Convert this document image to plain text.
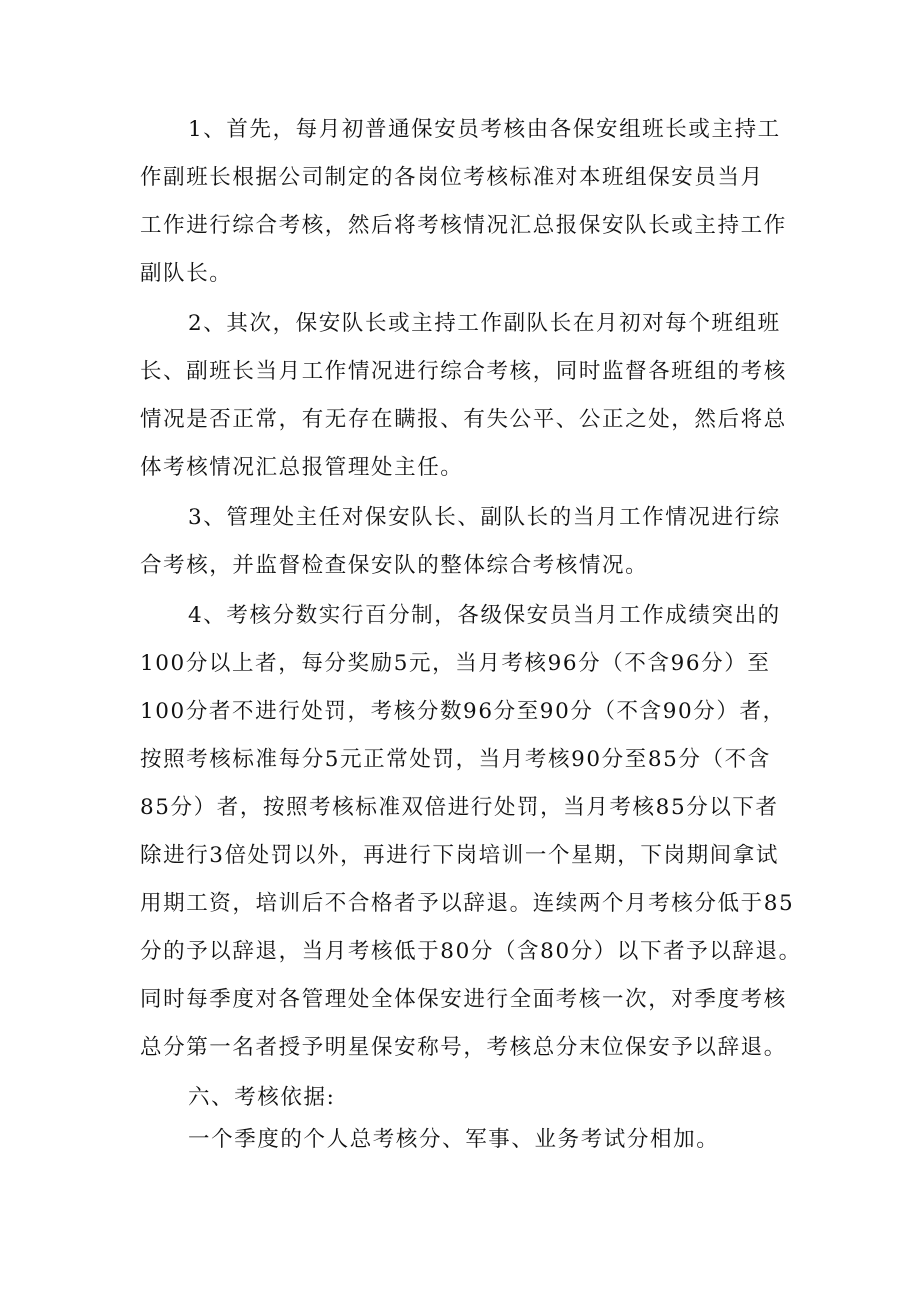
1、首先，每月初普通保安员考核由各保安组班长或主持工
作副班长根据公司制定的各岗位考核标准对本班组保安员当月
工作进行综合考核，然后将考核情况汇总报保安队长或主持工作
副队长。
2、其次，保安队长或主持工作副队长在月初对每个班组班
长、副班长当月工作情况进行综合考核，同时监督各班组的考核
情况是否正常，有无存在瞒报、有失公平、公正之处，然后将总
体考核情况汇总报管理处主任。
3、管理处主任对保安队长、副队长的当月工作情况进行综
合考核，并监督检查保安队的整体综合考核情况。
4、考核分数实行百分制，各级保安员当月工作成绩突出的
100分以上者，每分奖励5元，当月考核96分（不含96分）至
100分者不进行处罚，考核分数96分至90分（不含90分）者，
按照考核标准每分5元正常处罚，当月考核90分至85分（不含
85分）者，按照考核标准双倍进行处罚，当月考核85分以下者
除进行3倍处罚以外，再进行下岗培训一个星期，下岗期间拿试
用期工资，培训后不合格者予以辞退。连续两个月考核分低于85
分的予以辞退，当月考核低于80分（含80分）以下者予以辞退。
同时每季度对各管理处全体保安进行全面考核一次，对季度考核
总分第一名者授予明星保安称号，考核总分末位保安予以辞退。
六、考核依据:
一个季度的个人总考核分、军事、业务考试分相加。
